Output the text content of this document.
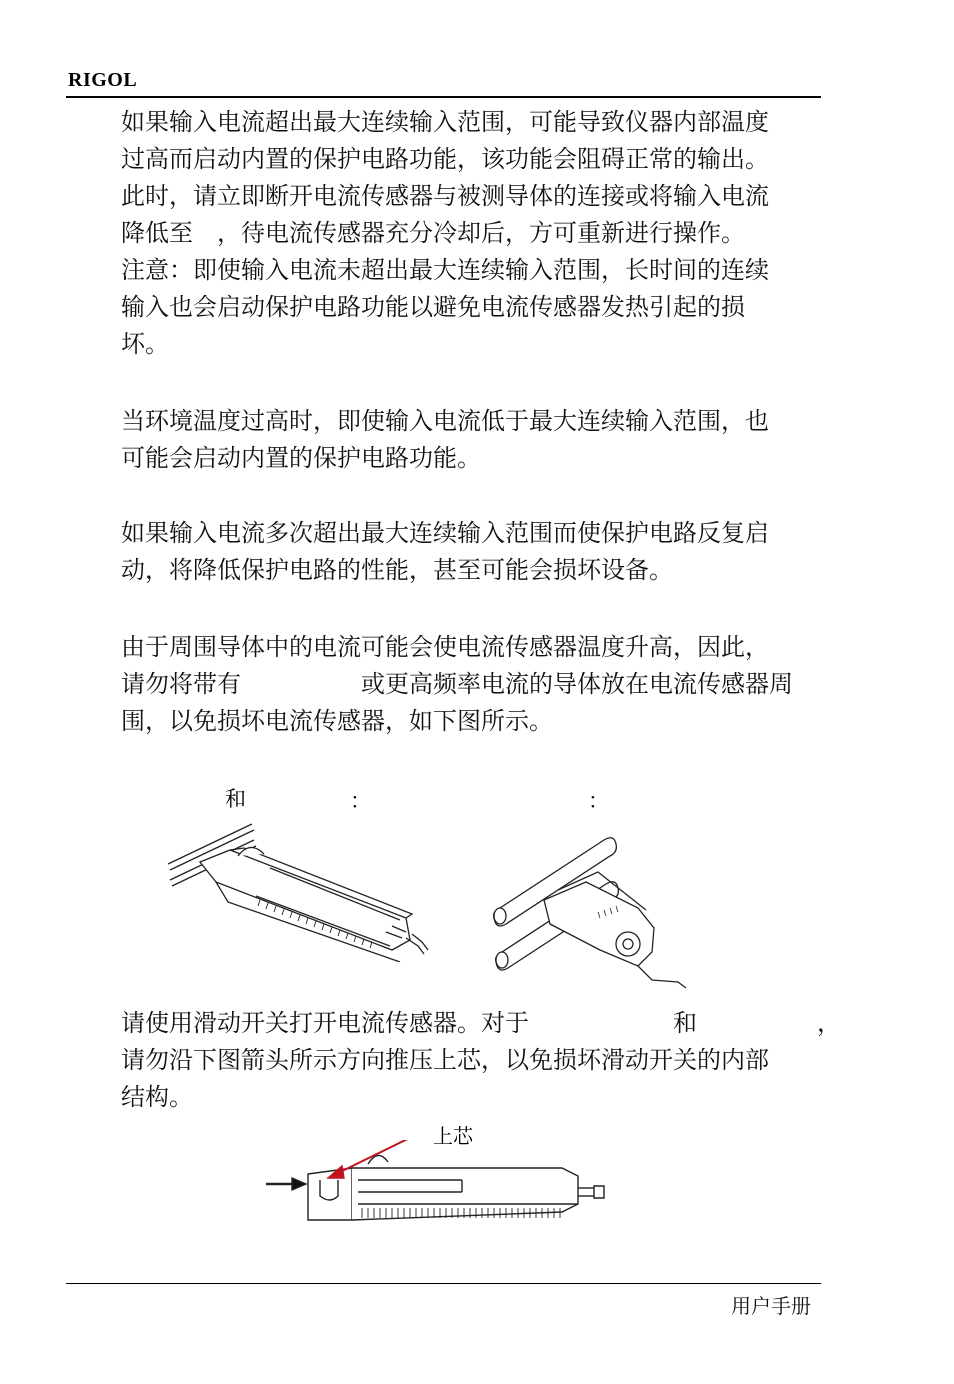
RIGOL
如果输入电流超出最大连续输入范围，可能导致仪器内部温度
过高而启动内置的保护电路功能，该功能会阻碍正常的输出。
此时，请立即断开电流传感器与被测导体的连接或将输入电流
降低至　，待电流传感器充分冷却后，方可重新进行操作。
注意：即使输入电流未超出最大连续输入范围，长时间的连续
输入也会启动保护电路功能以避免电流传感器发热引起的损
坏。
当环境温度过高时，即使输入电流低于最大连续输入范围，也
可能会启动内置的保护电路功能。
如果输入电流多次超出最大连续输入范围而使保护电路反复启
动，将降低保护电路的性能，甚至可能会损坏设备。
由于周围导体中的电流可能会使电流传感器温度升高，因此，
请勿将带有　　　　　或更高频率电流的导体放在电流传感器周
围，以免损坏电流传感器，如下图所示。
和	：	：
请使用滑动开关打开电流传感器。对于　　　　　　和　　　　　，
请勿沿下图箭头所示方向推压上芯，以免损坏滑动开关的内部
结构。
上芯
用户手册
